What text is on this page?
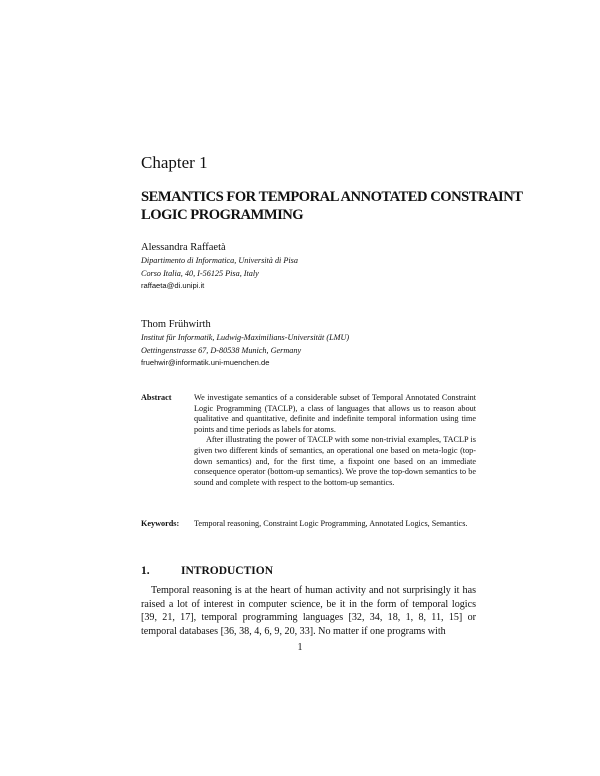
Chapter 1
SEMANTICS FOR TEMPORAL ANNOTATED CONSTRAINT
LOGIC PROGRAMMING
Alessandra Raffaetà
Dipartimento di Informatica, Università di Pisa
Corso Italia, 40, I-56125 Pisa, Italy
raffaeta@di.unipi.it
Thom Frühwirth
Institut für Informatik, Ludwig-Maximilians-Universität (LMU)
Oettingenstrasse 67, D-80538 Munich, Germany
fruehwir@informatik.uni-muenchen.de
Abstract	We investigate semantics of a considerable subset of Temporal Annotated Constraint Logic Programming (TACLP), a class of languages that allows us to reason about qualitative and quantitative, definite and indefinite temporal information using time points and time periods as labels for atoms.

After illustrating the power of TACLP with some non-trivial examples, TACLP is given two different kinds of semantics, an operational one based on meta-logic (top-down semantics) and, for the first time, a fixpoint one based on an immediate consequence operator (bottom-up semantics). We prove the top-down semantics to be sound and complete with respect to the bottom-up semantics.

Keywords: Temporal reasoning, Constraint Logic Programming, Annotated Logics, Semantics.
1.	INTRODUCTION

Temporal reasoning is at the heart of human activity and not surprisingly it has raised a lot of interest in computer science, be it in the form of temporal logics [39, 21, 17], temporal programming languages [32, 34, 18, 1, 8, 11, 15] or temporal databases [36, 38, 4, 6, 9, 20, 33]. No matter if one programs with

1
